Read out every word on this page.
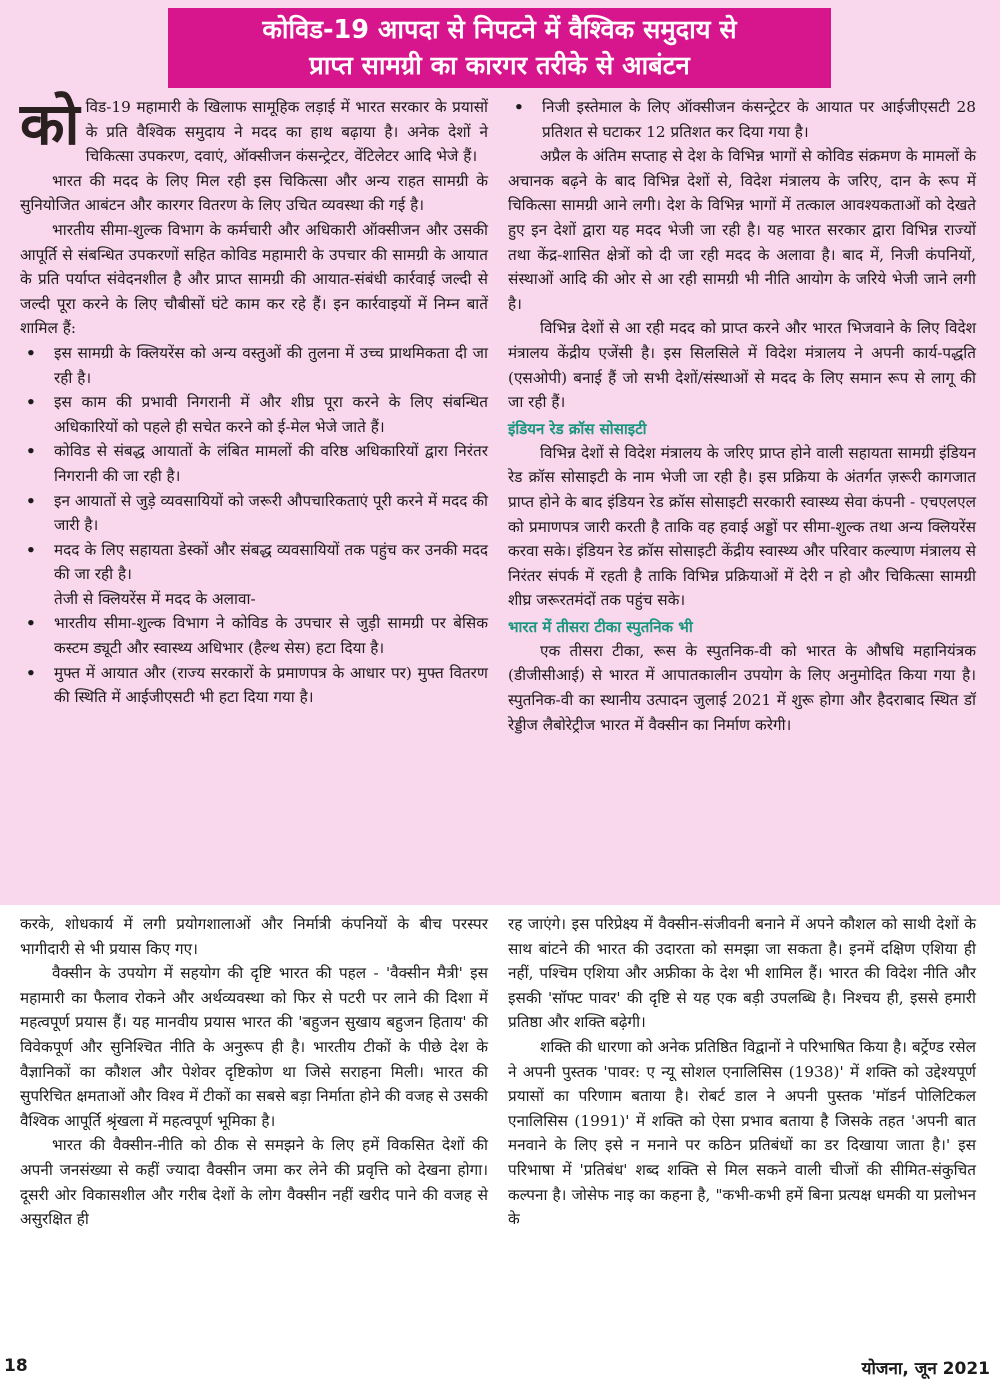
कोविड-19 आपदा से निपटने में वैश्विक समुदाय से
प्राप्त सामग्री का कारगर तरीके से आबंटन

कोविड-19 महामारी के खिलाफ सामूहिक लड़ाई में भारत सरकार के प्रयासों के प्रति वैश्विक समुदाय ने मदद का हाथ बढ़ाया है। अनेक देशों ने चिकित्सा उपकरण, दवाएं, ऑक्सीजन कंसन्ट्रेटर, वेंटिलेटर आदि भेजे हैं।

भारत की मदद के लिए मिल रही इस चिकित्सा और अन्य राहत सामग्री के सुनियोजित आबंटन और कारगर वितरण के लिए उचित व्यवस्था की गई है।

भारतीय सीमा-शुल्क विभाग के कर्मचारी और अधिकारी ऑक्सीजन और उसकी आपूर्ति से संबन्धित उपकरणों सहित कोविड महामारी के उपचार की सामग्री के आयात के प्रति पर्याप्त संवेदनशील है और प्राप्त सामग्री की आयात-संबंधी कार्रवाई जल्दी से जल्दी पूरा करने के लिए चौबीसों घंटे काम कर रहे हैं। इन कार्रवाइयों में निम्न बातें शामिल हैं:

• इस सामग्री के क्लियरेंस को अन्य वस्तुओं की तुलना में उच्च प्राथमिकता दी जा रही है।
• इस काम की प्रभावी निगरानी में और शीघ्र पूरा करने के लिए संबन्धित अधिकारियों को पहले ही सचेत करने को ई-मेल भेजे जाते हैं।
• कोविड से संबद्ध आयातों के लंबित मामलों की वरिष्ठ अधिकारियों द्वारा निरंतर निगरानी की जा रही है।
• इन आयातों से जुड़े व्यवसायियों को जरूरी औपचारिकताएं पूरी करने में मदद की जारी है।
• मदद के लिए सहायता डेस्कों और संबद्ध व्यवसायियों तक पहुंच कर उनकी मदद की जा रही है।
तेजी से क्लियरेंस में मदद के अलावा-
• भारतीय सीमा-शुल्क विभाग ने कोविड के उपचार से जुड़ी सामग्री पर बेसिक कस्टम ड्यूटी और स्वास्थ्य अधिभार (हैल्थ सेस) हटा दिया है।
• मुफ्त में आयात और (राज्य सरकारों के प्रमाणपत्र के आधार पर) मुफ्त वितरण की स्थिति में आईजीएसटी भी हटा दिया गया है।
• निजी इस्तेमाल के लिए ऑक्सीजन कंसन्ट्रेटर के आयात पर आईजीएसटी 28 प्रतिशत से घटाकर 12 प्रतिशत कर दिया गया है।

अप्रैल के अंतिम सप्ताह से देश के विभिन्न भागों से कोविड संक्रमण के मामलों के अचानक बढ़ने के बाद विभिन्न देशों से, विदेश मंत्रालय के जरिए, दान के रूप में चिकित्सा सामग्री आने लगी। देश के विभिन्न भागों में तत्काल आवश्यकताओं को देखते हुए इन देशों द्वारा यह मदद भेजी जा रही है। यह भारत सरकार द्वारा विभिन्न राज्यों तथा केंद्र-शासित क्षेत्रों को दी जा रही मदद के अलावा है। बाद में, निजी कंपनियों, संस्थाओं आदि की ओर से आ रही सामग्री भी नीति आयोग के जरिये भेजी जाने लगी है।

विभिन्न देशों से आ रही मदद को प्राप्त करने और भारत भिजवाने के लिए विदेश मंत्रालय केंद्रीय एजेंसी है। इस सिलसिले में विदेश मंत्रालय ने अपनी कार्य-पद्धति (एसओपी) बनाई हैं जो सभी देशों/संस्थाओं से मदद के लिए समान रूप से लागू की जा रही हैं।

इंडियन रेड क्रॉस सोसाइटी

विभिन्न देशों से विदेश मंत्रालय के जरिए प्राप्त होने वाली सहायता सामग्री इंडियन रेड क्रॉस सोसाइटी के नाम भेजी जा रही है। इस प्रक्रिया के अंतर्गत ज़रूरी कागजात प्राप्त होने के बाद इंडियन रेड क्रॉस सोसाइटी सरकारी स्वास्थ्य सेवा कंपनी - एचएलएल को प्रमाणपत्र जारी करती है ताकि वह हवाई अड्डों पर सीमा-शुल्क तथा अन्य क्लियरेंस करवा सके। इंडियन रेड क्रॉस सोसाइटी केंद्रीय स्वास्थ्य और परिवार कल्याण मंत्रालय से निरंतर संपर्क में रहती है ताकि विभिन्न प्रक्रियाओं में देरी न हो और चिकित्सा सामग्री शीघ्र जरूरतमंदों तक पहुंच सके।

भारत में तीसरा टीका स्पुतनिक भी

एक तीसरा टीका, रूस के स्पुतनिक-वी को भारत के औषधि महानियंत्रक (डीजीसीआई) से भारत में आपातकालीन उपयोग के लिए अनुमोदित किया गया है। स्पुतनिक-वी का स्थानीय उत्पादन जुलाई 2021 में शुरू होगा और हैदराबाद स्थित डॉ रेड्डीज लैबोरेट्रीज भारत में वैक्सीन का निर्माण करेगी।

करके, शोधकार्य में लगी प्रयोगशालाओं और निर्मात्री कंपनियों के बीच परस्पर भागीदारी से भी प्रयास किए गए।

वैक्सीन के उपयोग में सहयोग की दृष्टि भारत की पहल - 'वैक्सीन मैत्री' इस महामारी का फैलाव रोकने और अर्थव्यवस्था को फिर से पटरी पर लाने की दिशा में महत्वपूर्ण प्रयास हैं। यह मानवीय प्रयास भारत की 'बहुजन सुखाय बहुजन हिताय' की विवेकपूर्ण और सुनिश्चित नीति के अनुरूप ही है। भारतीय टीकों के पीछे देश के वैज्ञानिकों का कौशल और पेशेवर दृष्टिकोण था जिसे सराहना मिली। भारत की सुपरिचित क्षमताओं और विश्व में टीकों का सबसे बड़ा निर्माता होने की वजह से उसकी वैश्विक आपूर्ति श्रृंखला में महत्वपूर्ण भूमिका है।

भारत की वैक्सीन-नीति को ठीक से समझने के लिए हमें विकसित देशों की अपनी जनसंख्या से कहीं ज्यादा वैक्सीन जमा कर लेने की प्रवृत्ति को देखना होगा। दूसरी ओर विकासशील और गरीब देशों के लोग वैक्सीन नहीं खरीद पाने की वजह से असुरक्षित ही

रह जाएंगे। इस परिप्रेक्ष्य में वैक्सीन-संजीवनी बनाने में अपने कौशल को साथी देशों के साथ बांटने की भारत की उदारता को समझा जा सकता है। इनमें दक्षिण एशिया ही नहीं, पश्चिम एशिया और अफ्रीका के देश भी शामिल हैं। भारत की विदेश नीति और इसकी 'सॉफ्ट पावर' की दृष्टि से यह एक बड़ी उपलब्धि है। निश्चय ही, इससे हमारी प्रतिष्ठा और शक्ति बढ़ेगी।

शक्ति की धारणा को अनेक प्रतिष्ठित विद्वानों ने परिभाषित किया है। बर्ट्रेण्ड रसेल ने अपनी पुस्तक 'पावर: ए न्यू सोशल एनालिसिस (1938)' में शक्ति को उद्देश्यपूर्ण प्रयासों का परिणाम बताया है। रोबर्ट डाल ने अपनी पुस्तक 'मॉडर्न पोलिटिकल एनालिसिस (1991)' में शक्ति को ऐसा प्रभाव बताया है जिसके तहत 'अपनी बात मनवाने के लिए इसे न मनाने पर कठिन प्रतिबंधों का डर दिखाया जाता है।' इस परिभाषा में 'प्रतिबंध' शब्द शक्ति से मिल सकने वाली चीजों की सीमित-संकुचित कल्पना है। जोसेफ नाइ का कहना है, "कभी-कभी हमें बिना प्रत्यक्ष धमकी या प्रलोभन के

18	योजना, जून 2021
